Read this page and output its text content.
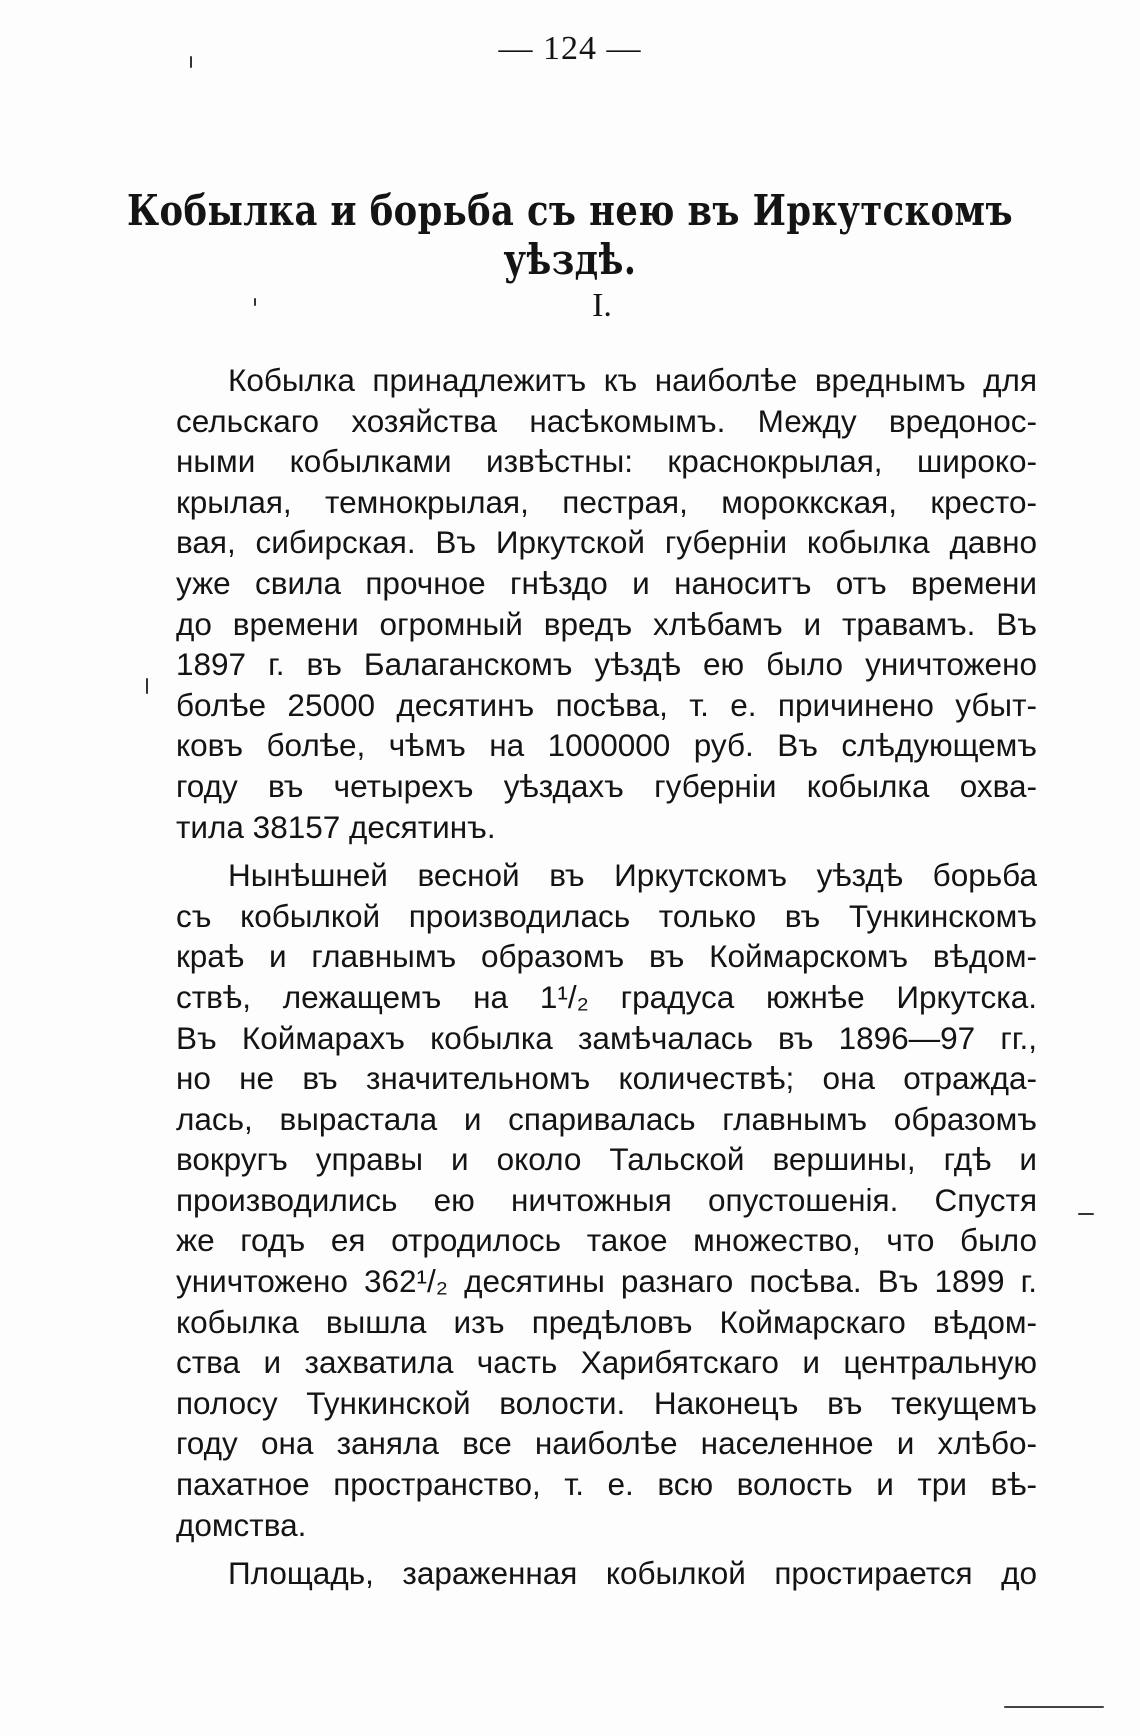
— 124 —
Кобылка и борьба съ нею въ Иркутскомъ уѣздѣ.
I.
Кобылка принадлежитъ къ наиболѣе вреднымъ для
сельскаго хозяйства насѣкомымъ. Между вредонос-
ными кобылками извѣстны: краснокрылая, широко-
крылая, темнокрылая, пестрая, мороккская, кресто-
вая, сибирская. Въ Иркутской губерніи кобылка давно
уже свила прочное гнѣздо и наноситъ отъ времени
до времени огромный вредъ хлѣбамъ и травамъ. Въ
1897 г. въ Балаганскомъ уѣздѣ ею было уничтожено
болѣе 25000 десятинъ посѣва, т. е. причинено убыт-
ковъ болѣе, чѣмъ на 1000000 руб. Въ слѣдующемъ
году въ четырехъ уѣздахъ губерніи кобылка охва-
тила 38157 десятинъ.
Нынѣшней весной въ Иркутскомъ уѣздѣ борьба
съ кобылкой производилась только въ Тункинскомъ
краѣ и главнымъ образомъ въ Коймарскомъ вѣдом-
ствѣ, лежащемъ на 1¹/₂ градуса южнѣе Иркутска.
Въ Коймарахъ кобылка замѣчалась въ 1896—97 гг.,
но не въ значительномъ количествѣ; она отражда-
лась, вырастала и спаривалась главнымъ образомъ
вокругъ управы и около Тальской вершины, гдѣ и
производились ею ничтожныя опустошенія. Спустя
же годъ ея отродилось такое множество, что было
уничтожено 362¹/₂ десятины разнаго посѣва. Въ 1899 г.
кобылка вышла изъ предѣловъ Коймарскаго вѣдом-
ства и захватила часть Харибятскаго и центральную
полосу Тункинской волости. Наконецъ въ текущемъ
году она заняла все наиболѣе населенное и хлѣбо-
пахатное пространство, т. е. всю волость и три вѣ-
домства.
Площадь, зараженная кобылкой простирается до
